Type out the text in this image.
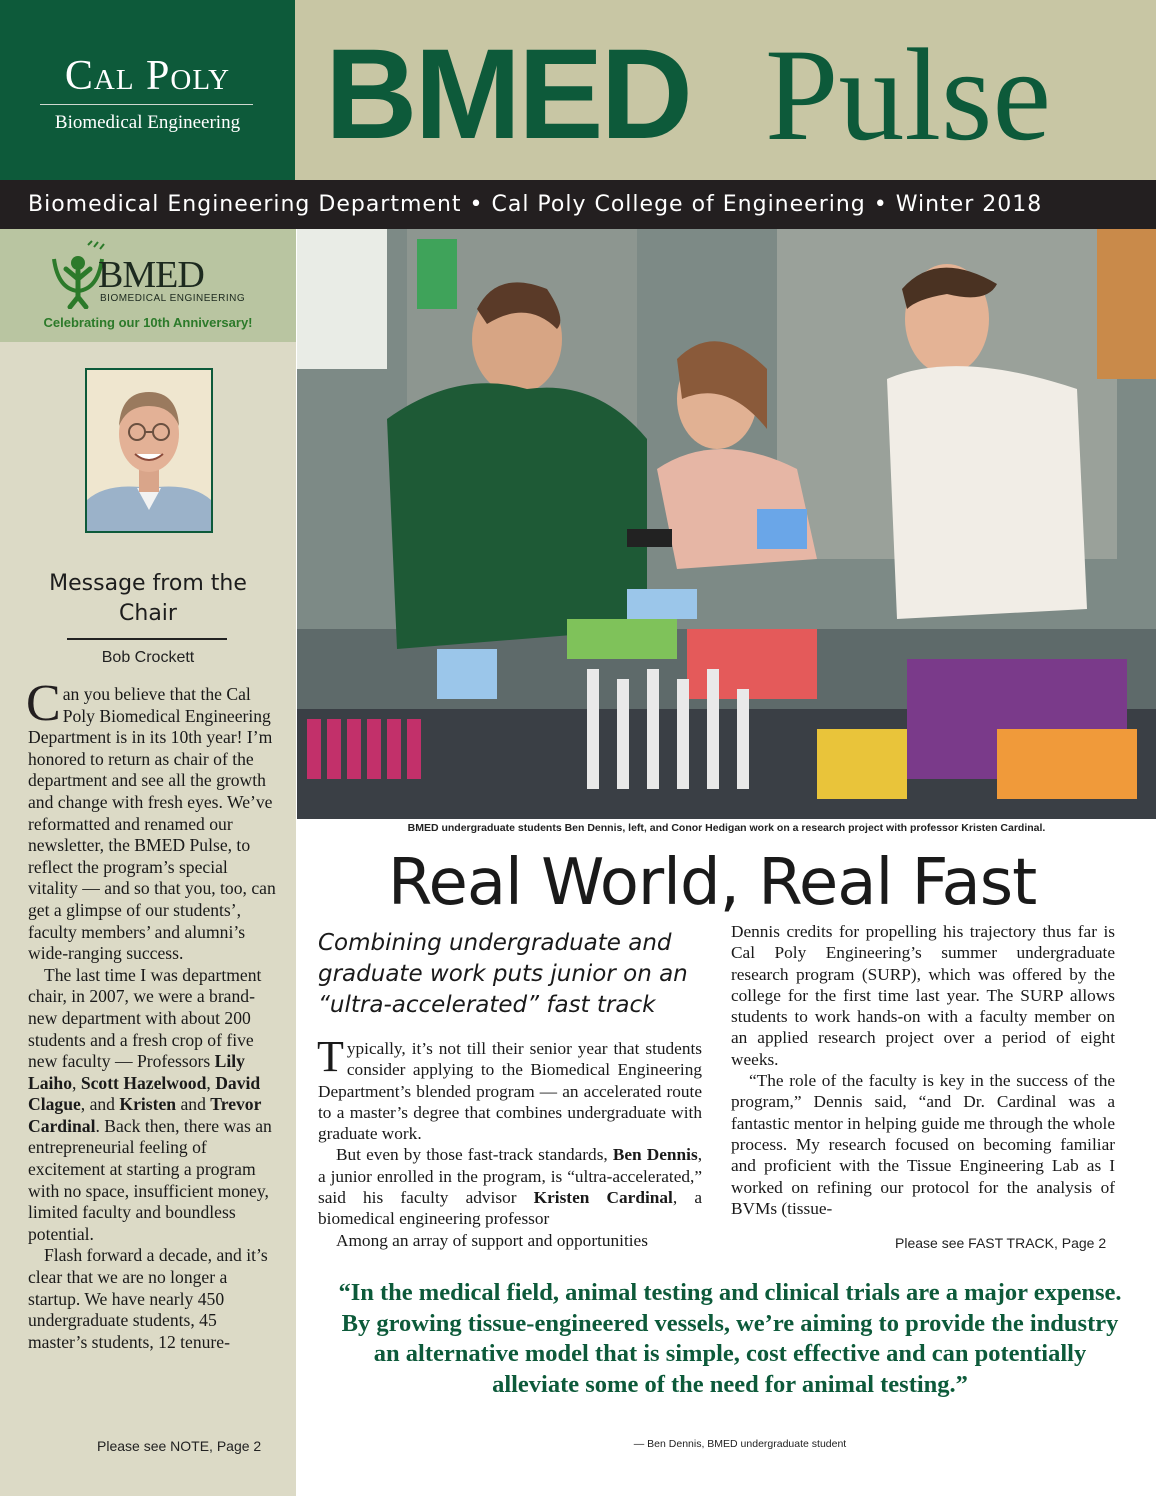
Cal Poly
Biomedical Engineering BMED Pulse
Biomedical Engineering Department • Cal Poly College of Engineering • Winter 2018
BMED
BIOMEDICAL ENGINEERING
Celebrating our 10th Anniversary!
Message from the Chair
Bob Crockett

Can you believe that the Cal Poly Biomedical Engineering Department is in its 10th year! I’m honored to return as chair of the department and see all the growth and change with fresh eyes. We’ve reformatted and renamed our newsletter, the BMED Pulse, to reflect the program’s special vitality — and so that you, too, can get a glimpse of our students’, faculty members’ and alumni’s wide-ranging success.

The last time I was department chair, in 2007, we were a brand-new department with about 200 students and a fresh crop of five new faculty — Professors Lily Laiho, Scott Hazelwood, David Clague, and Kristen and Trevor Cardinal. Back then, there was an entrepreneurial feeling of excitement at starting a program with no space, insufficient money, limited faculty and boundless potential.

Flash forward a decade, and it’s clear that we are no longer a startup. We have nearly 450 undergraduate students, 45 master’s students, 12 tenure-

Please see NOTE, Page 2
BMED undergraduate students Ben Dennis, left, and Conor Hedigan work on a research project with professor Kristen Cardinal.
Real World, Real Fast
Combining undergraduate and graduate work puts junior on an “ultra-accelerated” fast track

Typically, it’s not till their senior year that students consider applying to the Biomedical Engineering Department’s blended program — an accelerated route to a master’s degree that combines undergraduate with graduate work.

But even by those fast-track standards, Ben Dennis, a junior enrolled in the program, is “ultra-accelerated,” said his faculty advisor Kristen Cardinal, a biomedical engineering professor

Among an array of support and opportunities

Dennis credits for propelling his trajectory thus far is Cal Poly Engineering’s summer undergraduate research program (SURP), which was offered by the college for the first time last year. The SURP allows students to work hands-on with a faculty member on an applied research project over a period of eight weeks.

“The role of the faculty is key in the success of the program,” Dennis said, “and Dr. Cardinal was a fantastic mentor in helping guide me through the whole process. My research focused on becoming familiar and proficient with the Tissue Engineering Lab as I worked on refining our protocol for the analysis of BVMs (tissue-

Please see FAST TRACK, Page 2
“In the medical field, animal testing and clinical trials are a major expense. By growing tissue-engineered vessels, we’re aiming to provide the industry an alternative model that is simple, cost effective and can potentially alleviate some of the need for animal testing.”
— Ben Dennis, BMED undergraduate student
